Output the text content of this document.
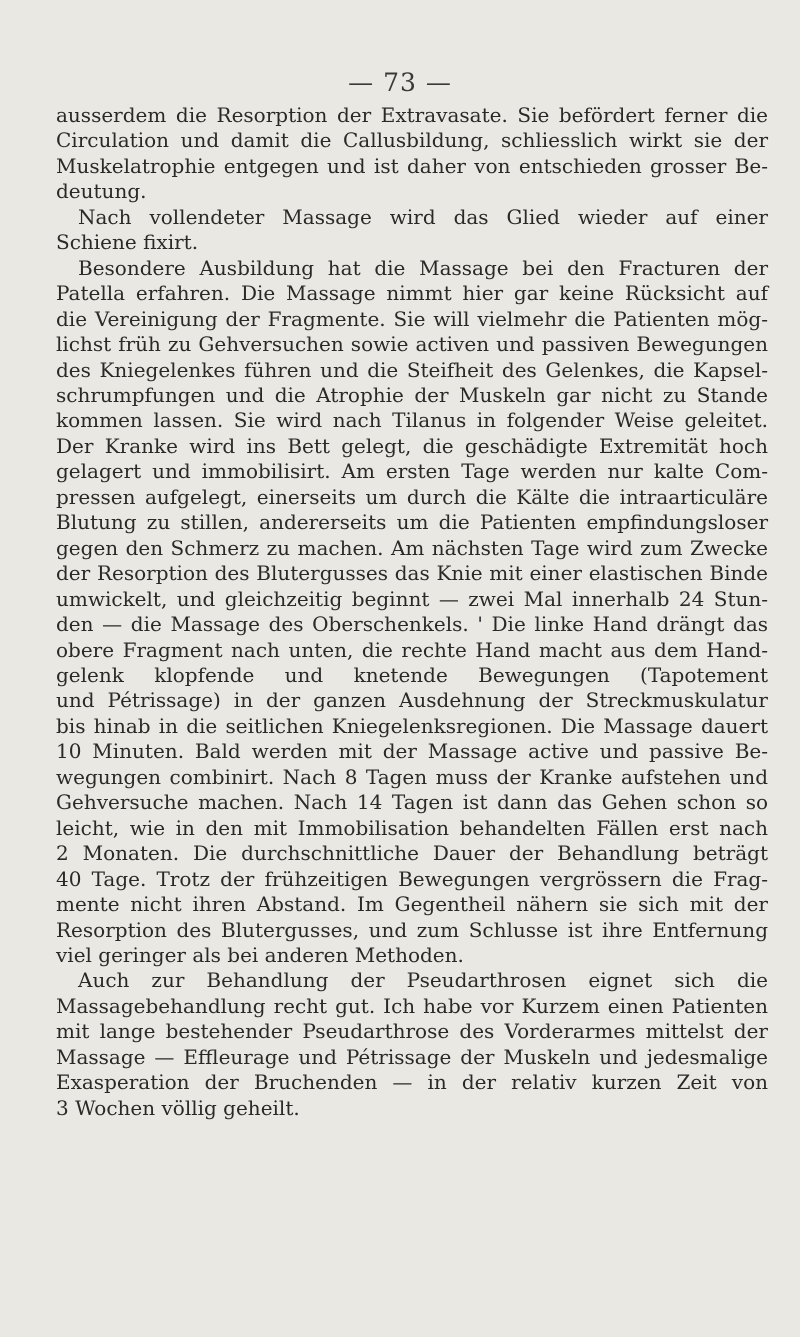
— 73 —
ausserdem die Resorption der Extravasate. Sie befördert ferner die
Circulation und damit die Callusbildung, schliesslich wirkt sie der
Muskelatrophie entgegen und ist daher von entschieden grosser Be-
deutung.
Nach vollendeter Massage wird das Glied wieder auf einer
Schiene fixirt.
Besondere Ausbildung hat die Massage bei den Fracturen der
Patella erfahren. Die Massage nimmt hier gar keine Rücksicht auf
die Vereinigung der Fragmente. Sie will vielmehr die Patienten mög-
lichst früh zu Gehversuchen sowie activen und passiven Bewegungen
des Kniegelenkes führen und die Steifheit des Gelenkes, die Kapsel-
schrumpfungen und die Atrophie der Muskeln gar nicht zu Stande
kommen lassen. Sie wird nach Tilanus in folgender Weise geleitet.
Der Kranke wird ins Bett gelegt, die geschädigte Extremität hoch
gelagert und immobilisirt. Am ersten Tage werden nur kalte Com-
pressen aufgelegt, einerseits um durch die Kälte die intraarticuläre
Blutung zu stillen, andererseits um die Patienten empfindungsloser
gegen den Schmerz zu machen. Am nächsten Tage wird zum Zwecke
der Resorption des Blutergusses das Knie mit einer elastischen Binde
umwickelt, und gleichzeitig beginnt — zwei Mal innerhalb 24 Stun-
den — die Massage des Oberschenkels. ' Die linke Hand drängt das
obere Fragment nach unten, die rechte Hand macht aus dem Hand-
gelenk klopfende und knetende Bewegungen (Tapotement
und Pétrissage) in der ganzen Ausdehnung der Streckmuskulatur
bis hinab in die seitlichen Kniegelenksregionen. Die Massage dauert
10 Minuten. Bald werden mit der Massage active und passive Be-
wegungen combinirt. Nach 8 Tagen muss der Kranke aufstehen und
Gehversuche machen. Nach 14 Tagen ist dann das Gehen schon so
leicht, wie in den mit Immobilisation behandelten Fällen erst nach
2 Monaten. Die durchschnittliche Dauer der Behandlung beträgt
40 Tage. Trotz der frühzeitigen Bewegungen vergrössern die Frag-
mente nicht ihren Abstand. Im Gegentheil nähern sie sich mit der
Resorption des Blutergusses, und zum Schlusse ist ihre Entfernung
viel geringer als bei anderen Methoden.
Auch zur Behandlung der Pseudarthrosen eignet sich die
Massagebehandlung recht gut. Ich habe vor Kurzem einen Patienten
mit lange bestehender Pseudarthrose des Vorderarmes mittelst der
Massage — Effleurage und Pétrissage der Muskeln und jedesmalige
Exasperation der Bruchenden — in der relativ kurzen Zeit von
3 Wochen völlig geheilt.
